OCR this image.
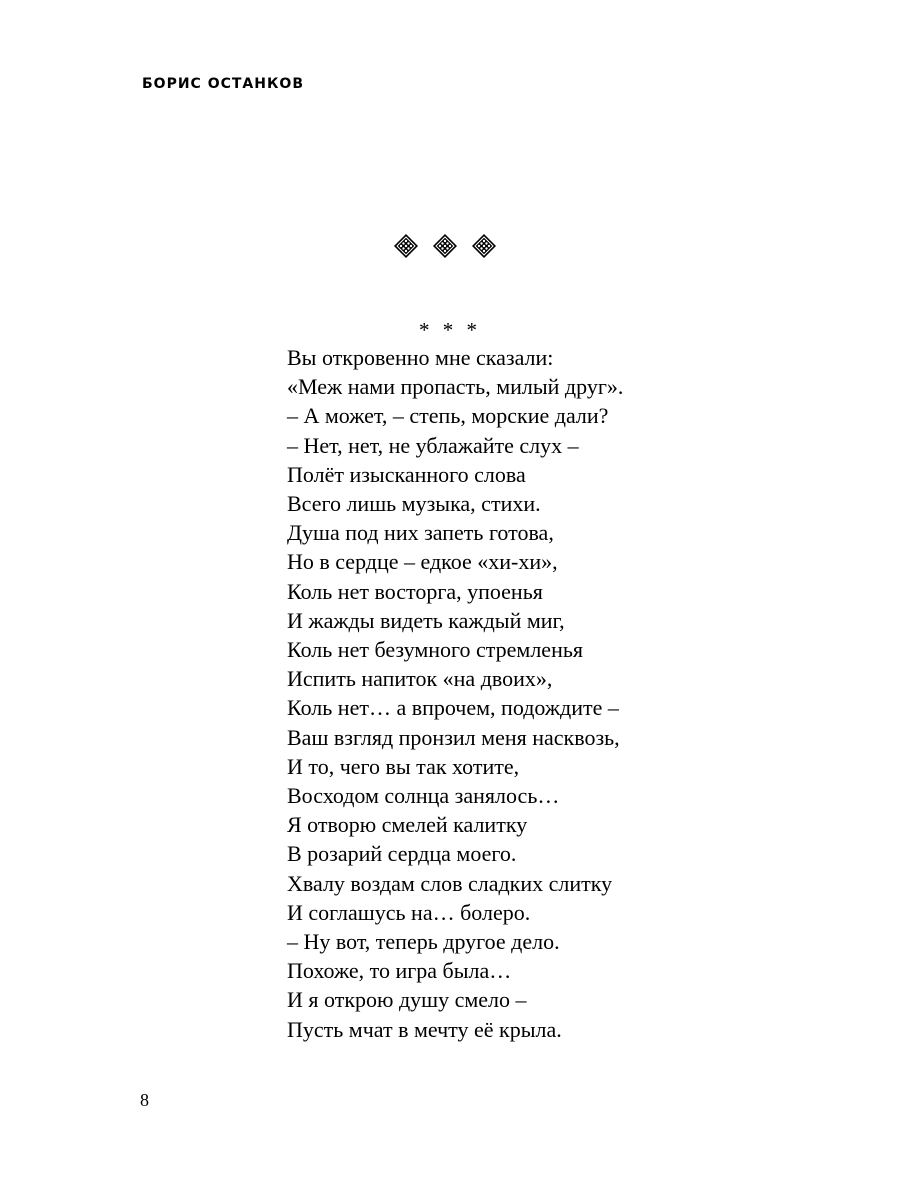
БОРИС ОСТАНКОВ
* * *
Вы откровенно мне сказали:
«Меж нами пропасть, милый друг».
– А может, – степь, морские дали?
– Нет, нет, не ублажайте слух –
Полёт изысканного слова
Всего лишь музыка, стихи.
Душа под них запеть готова,
Но в сердце – едкое «хи-хи»,
Коль нет восторга, упоенья
И жажды видеть каждый миг,
Коль нет безумного стремленья
Испить напиток «на двоих»,
Коль нет… а впрочем, подождите –
Ваш взгляд пронзил меня насквозь,
И то, чего вы так хотите,
Восходом солнца занялось…
Я отворю смелей калитку
В розарий сердца моего.
Хвалу воздам слов сладких слитку
И соглашусь на… болеро.
– Ну вот, теперь другое дело.
Похоже, то игра была…
И я открою душу смело –
Пусть мчат в мечту её крыла.
8
